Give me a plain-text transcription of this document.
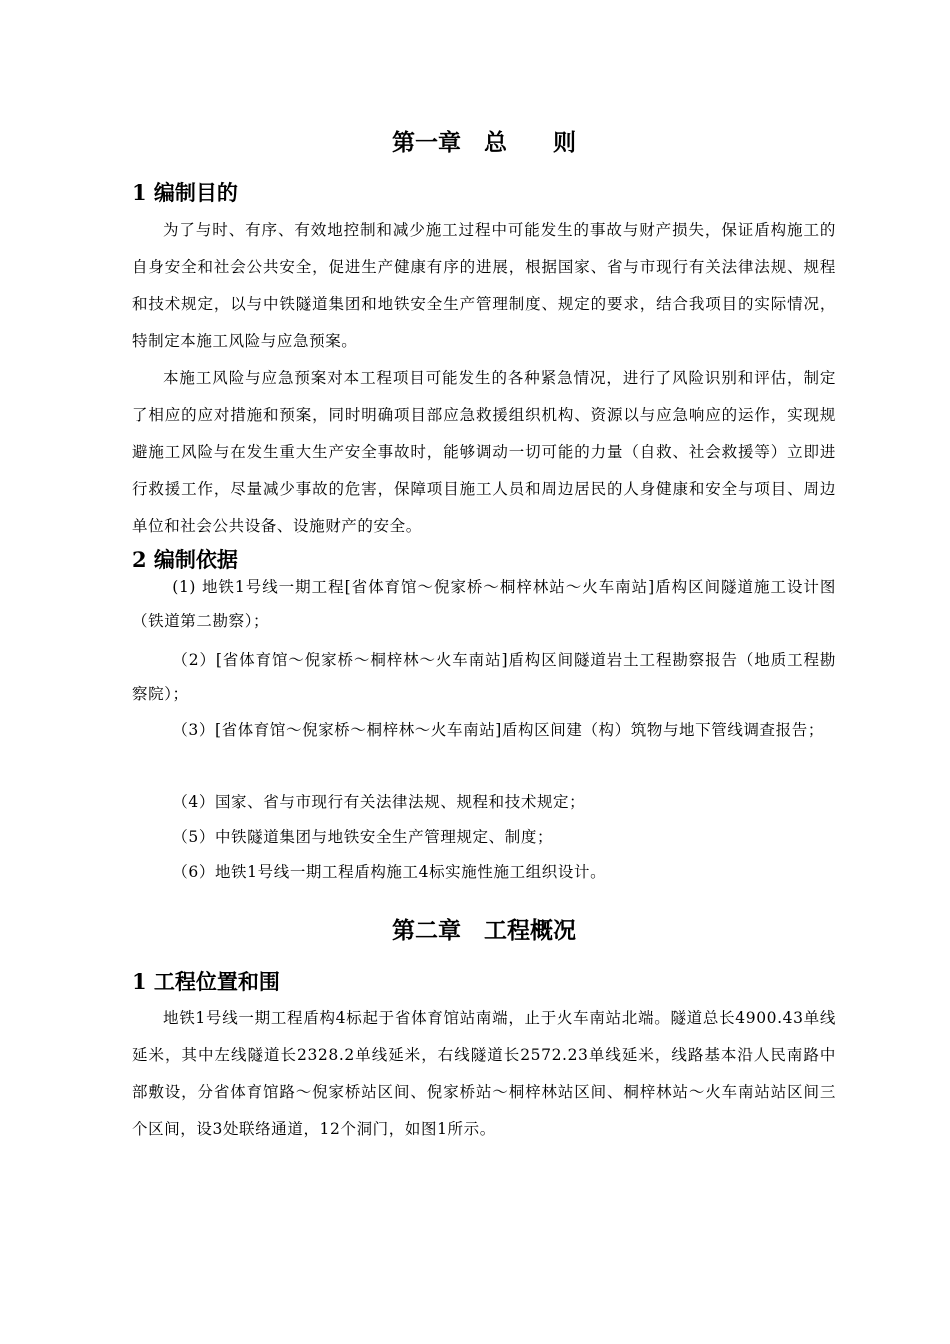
第一章　总　　则
1 编制目的
为了与时、有序、有效地控制和减少施工过程中可能发生的事故与财产损失，保证盾构施工的自身安全和社会公共安全，促进生产健康有序的进展，根据国家、省与市现行有关法律法规、规程和技术规定，以与中铁隧道集团和地铁安全生产管理制度、规定的要求，结合我项目的实际情况，特制定本施工风险与应急预案。
本施工风险与应急预案对本工程项目可能发生的各种紧急情况，进行了风险识别和评估，制定了相应的应对措施和预案，同时明确项目部应急救援组织机构、资源以与应急响应的运作，实现规避施工风险与在发生重大生产安全事故时，能够调动一切可能的力量（自救、社会救援等）立即进行救援工作，尽量减少事故的危害，保障项目施工人员和周边居民的人身健康和安全与项目、周边单位和社会公共设备、设施财产的安全。
2 编制依据
(1) 地铁1号线一期工程[省体育馆～倪家桥～桐梓林站～火车南站]盾构区间隧道施工设计图 （铁道第二勘察）；
（2）[省体育馆～倪家桥～桐梓林～火车南站]盾构区间隧道岩土工程勘察报告（地质工程勘察院）；
（3）[省体育馆～倪家桥～桐梓林～火车南站]盾构区间建（构）筑物与地下管线调查报告；
（4）国家、省与市现行有关法律法规、规程和技术规定；
（5）中铁隧道集团与地铁安全生产管理规定、制度；
（6）地铁1号线一期工程盾构施工4标实施性施工组织设计。
第二章　工程概况
1 工程位置和围
地铁1号线一期工程盾构4标起于省体育馆站南端，止于火车南站北端。隧道总长4900.43单线延米，其中左线隧道长2328.2单线延米，右线隧道长2572.23单线延米，线路基本沿人民南路中部敷设，分省体育馆路～倪家桥站区间、倪家桥站～桐梓林站区间、桐梓林站～火车南站站区间三个区间，设3处联络通道，12个洞门，如图1所示。
